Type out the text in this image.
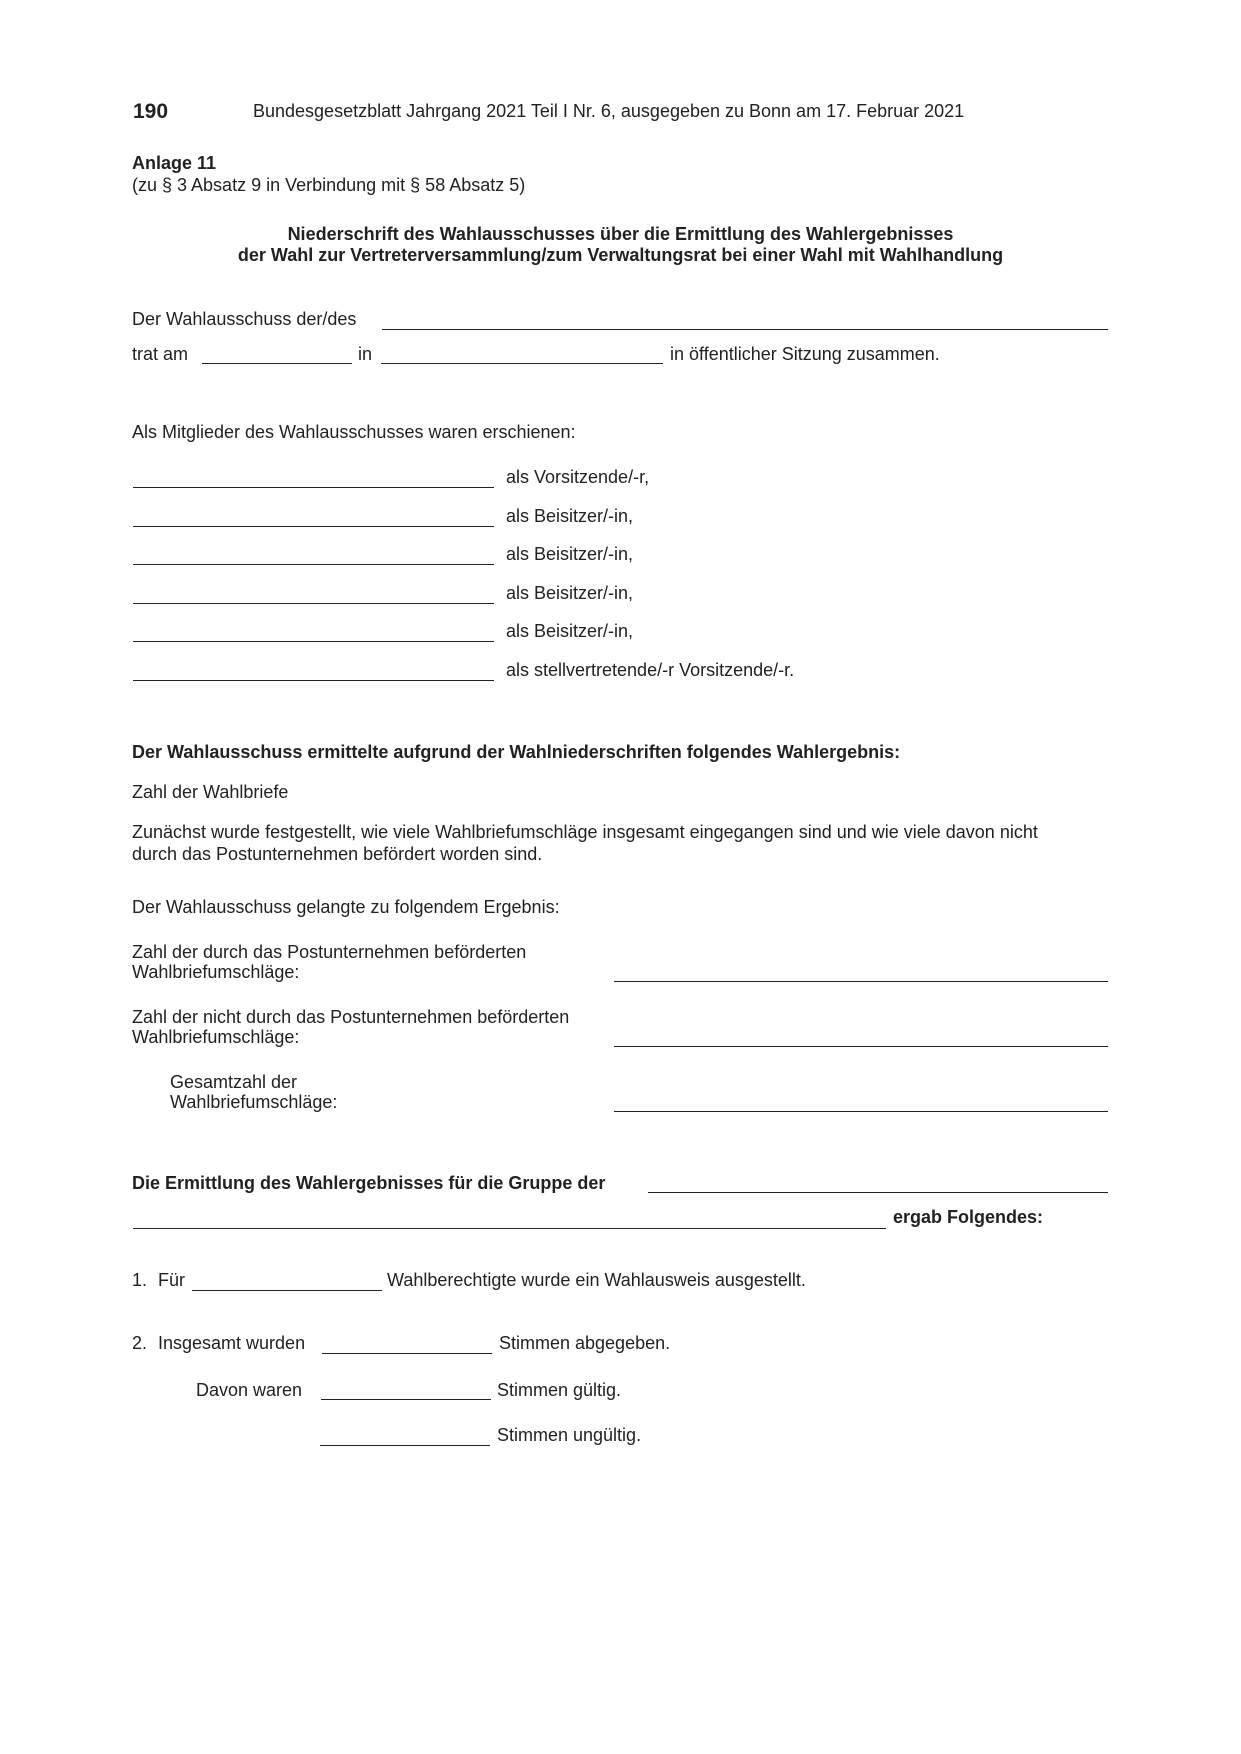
190	Bundesgesetzblatt Jahrgang 2021 Teil I Nr. 6, ausgegeben zu Bonn am 17. Februar 2021
Anlage 11
(zu § 3 Absatz 9 in Verbindung mit § 58 Absatz 5)
Niederschrift des Wahlausschusses über die Ermittlung des Wahlergebnisses
der Wahl zur Vertreterversammlung/zum Verwaltungsrat bei einer Wahl mit Wahlhandlung
Der Wahlausschuss der/des
trat am	in	in öffentlicher Sitzung zusammen.
Als Mitglieder des Wahlausschusses waren erschienen:
als Vorsitzende/-r,
als Beisitzer/-in,
als Beisitzer/-in,
als Beisitzer/-in,
als Beisitzer/-in,
als stellvertretende/-r Vorsitzende/-r.
Der Wahlausschuss ermittelte aufgrund der Wahlniederschriften folgendes Wahlergebnis:
Zahl der Wahlbriefe
Zunächst wurde festgestellt, wie viele Wahlbriefumschläge insgesamt eingegangen sind und wie viele davon nicht
durch das Postunternehmen befördert worden sind.
Der Wahlausschuss gelangte zu folgendem Ergebnis:
Zahl der durch das Postunternehmen beförderten
Wahlbriefumschläge:
Zahl der nicht durch das Postunternehmen beförderten
Wahlbriefumschläge:
Gesamtzahl der
Wahlbriefumschläge:
Die Ermittlung des Wahlergebnisses für die Gruppe der
ergab Folgendes:
1. Für	Wahlberechtigte wurde ein Wahlausweis ausgestellt.
2. Insgesamt wurden	Stimmen abgegeben.
Davon waren	Stimmen gültig.
Stimmen ungültig.
